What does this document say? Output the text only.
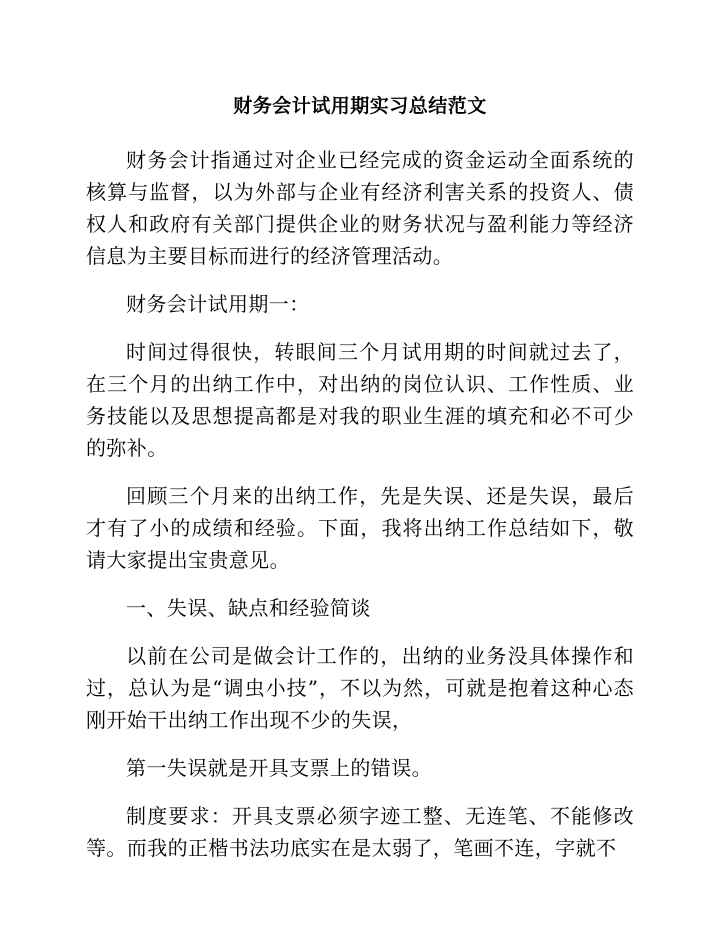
财务会计试用期实习总结范文

财务会计指通过对企业已经完成的资金运动全面系统的核算与监督，以为外部与企业有经济利害关系的投资人、债权人和政府有关部门提供企业的财务状况与盈利能力等经济信息为主要目标而进行的经济管理活动。

财务会计试用期一：

时间过得很快，转眼间三个月试用期的时间就过去了，在三个月的出纳工作中，对出纳的岗位认识、工作性质、业务技能以及思想提高都是对我的职业生涯的填充和必不可少的弥补。

回顾三个月来的出纳工作，先是失误、还是失误，最后才有了小的成绩和经验。下面，我将出纳工作总结如下，敬请大家提出宝贵意见。

一、失误、缺点和经验简谈

以前在公司是做会计工作的，出纳的业务没具体操作和过，总认为是“调虫小技”，不以为然，可就是抱着这种心态刚开始干出纳工作出现不少的失误，

第一失误就是开具支票上的错误。

制度要求：开具支票必须字迹工整、无连笔、不能修改等。而我的正楷书法功底实在是太弱了，笔画不连，字就不
